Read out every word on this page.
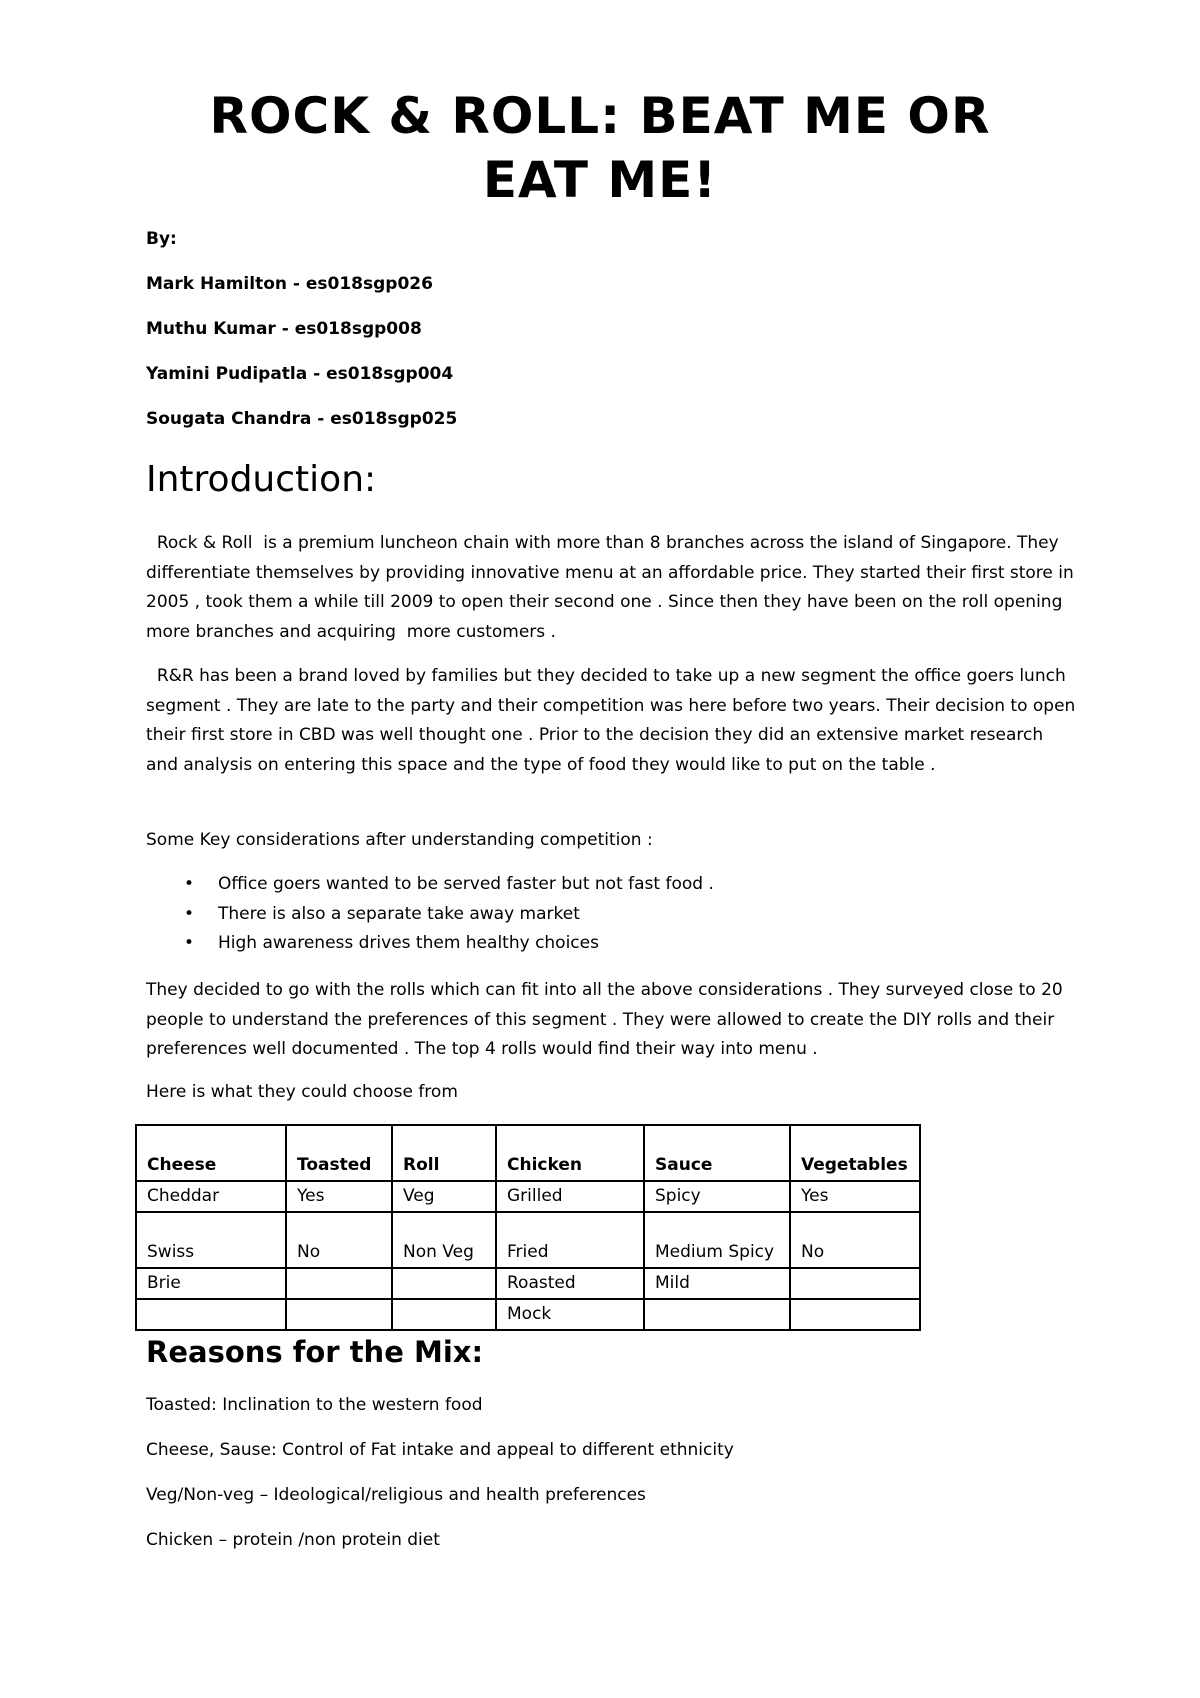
ROCK & ROLL: BEAT ME OR
EAT ME!

By:

Mark Hamilton - es018sgp026

Muthu Kumar - es018sgp008

Yamini Pudipatla - es018sgp004

Sougata Chandra - es018sgp025

Introduction:

Rock & Roll  is a premium luncheon chain with more than 8 branches across the island of Singapore. They differentiate themselves by providing innovative menu at an affordable price. They started their first store in 2005 , took them a while till 2009 to open their second one . Since then they have been on the roll opening more branches and acquiring  more customers .

R&R has been a brand loved by families but they decided to take up a new segment the office goers lunch segment . They are late to the party and their competition was here before two years. Their decision to open their first store in CBD was well thought one . Prior to the decision they did an extensive market research and analysis on entering this space and the type of food they would like to put on the table .

Some Key considerations after understanding competition :

• Office goers wanted to be served faster but not fast food .
• There is also a separate take away market
• High awareness drives them healthy choices

They decided to go with the rolls which can fit into all the above considerations . They surveyed close to 20 people to understand the preferences of this segment . They were allowed to create the DIY rolls and their preferences well documented . The top 4 rolls would find their way into menu .

Here is what they could choose from

Cheese	Toasted	Roll	Chicken	Sauce	Vegetables
Cheddar	Yes	Veg	Grilled	Spicy	Yes
Swiss	No	Non Veg	Fried	Medium Spicy	No
Brie			Roasted	Mild	
			Mock		
Reasons for the Mix:

Toasted: Inclination to the western food

Cheese, Sause: Control of Fat intake and appeal to different ethnicity

Veg/Non-veg – Ideological/religious and health preferences

Chicken – protein /non protein diet
